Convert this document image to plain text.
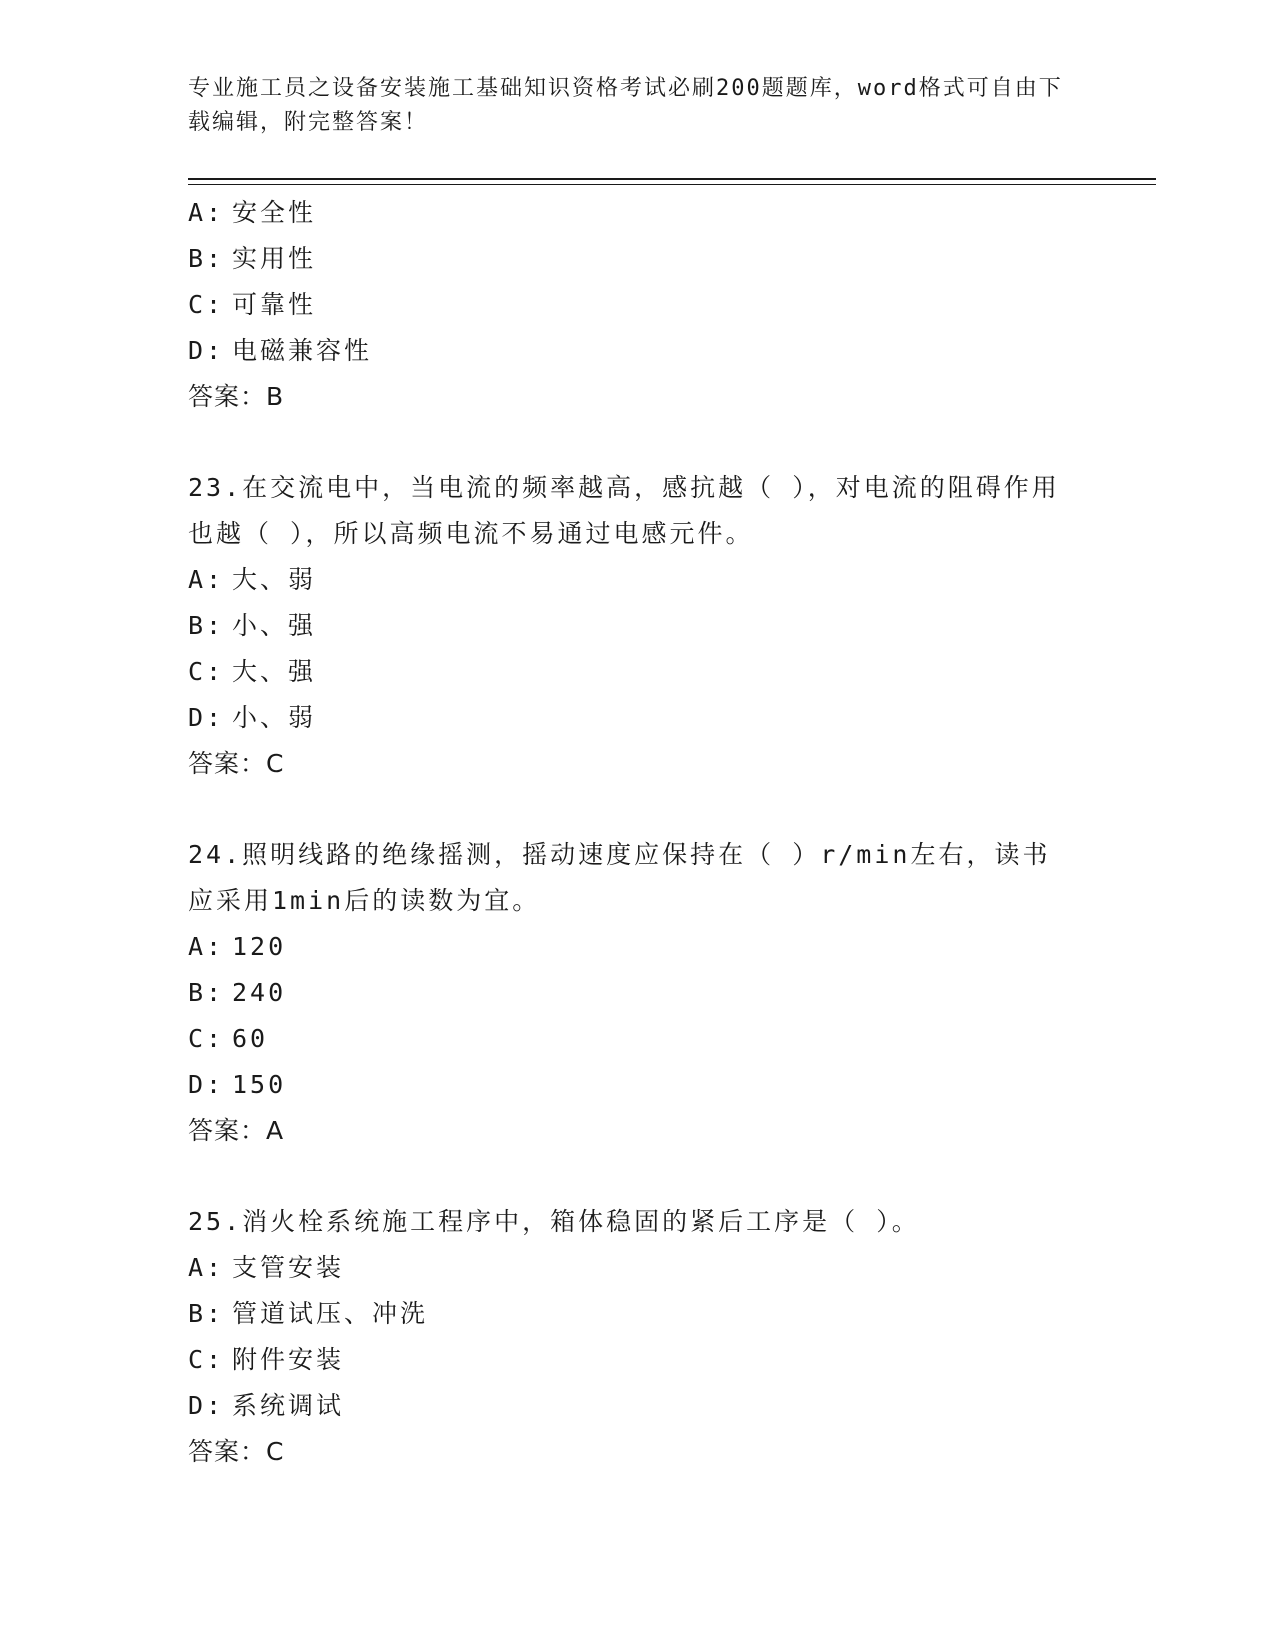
专业施工员之设备安装施工基础知识资格考试必刷200题题库，word格式可自由下载编辑，附完整答案！
A: 安全性
B: 实用性
C: 可靠性
D: 电磁兼容性
答案：B
23.在交流电中，当电流的频率越高，感抗越（ ），对电流的阻碍作用也越（ ），所以高频电流不易通过电感元件。
A: 大、弱
B: 小、强
C: 大、强
D: 小、弱
答案：C
24.照明线路的绝缘摇测，摇动速度应保持在（ ）r/min左右，读书应采用1min后的读数为宜。
A: 120
B: 240
C: 60
D: 150
答案：A
25.消火栓系统施工程序中，箱体稳固的紧后工序是（ ）。
A: 支管安装
B: 管道试压、冲洗
C: 附件安装
D: 系统调试
答案：C
